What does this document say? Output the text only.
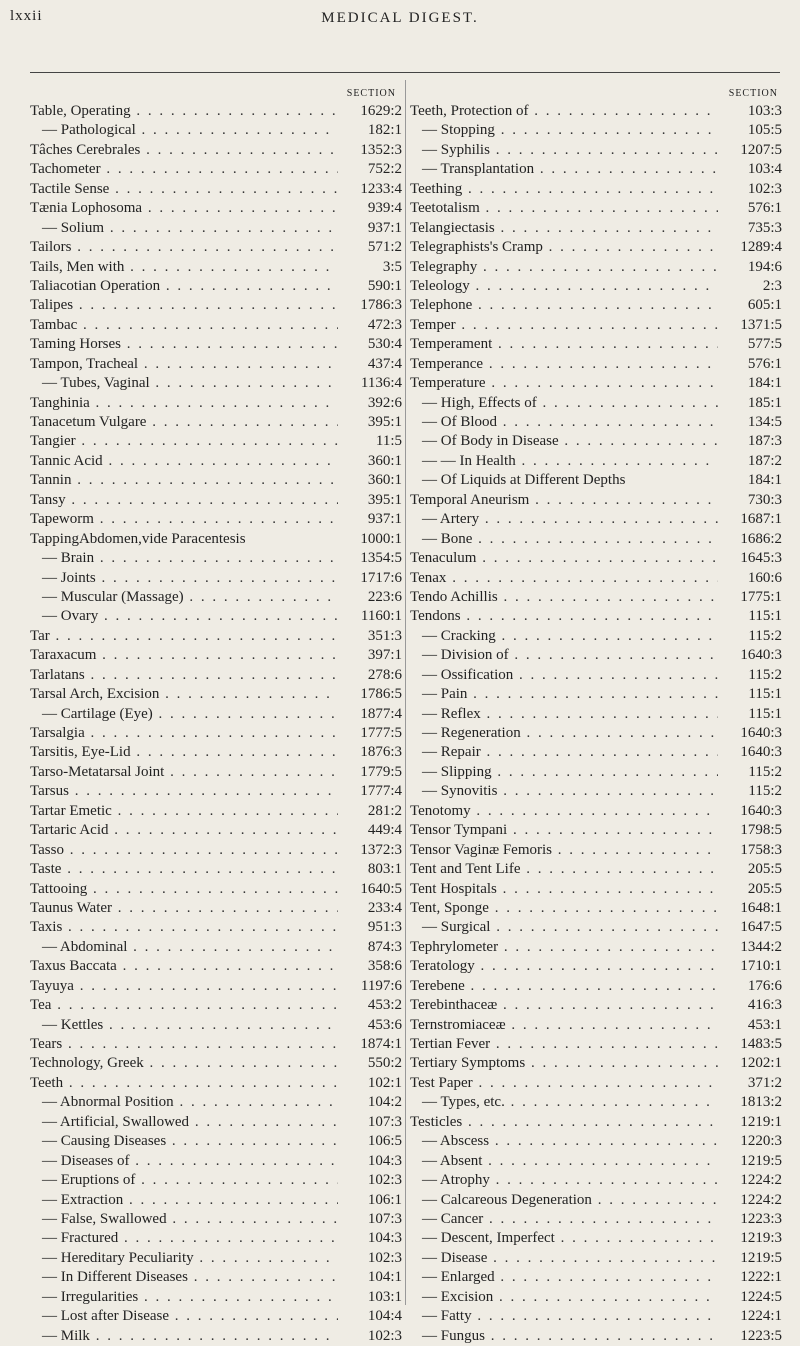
lxxii	MEDICAL DIGEST.
SECTION
Table, Operating . . .	1629:2
— Pathological . . .	182:1
Tâches Cerebrales . . .	1352:3
Tachometer . . .	752:2
Tactile Sense . . .	1233:4
Tænia Lophosoma . . .	939:4
— Solium . . .	937:1
Tailors . . .	571:2
Tails, Men with . . .	3:5
Taliacotian Operation . . .	590:1
Talipes . . .	1786:3
Tambac . . .	472:3
Taming Horses . . .	530:4
Tampon, Tracheal . . .	437:4
— Tubes, Vaginal . . .	1136:4
Tanghinia . . .	392:6
Tanacetum Vulgare . . .	395:1
Tangier . . .	11:5
Tannic Acid . . .	360:1
Tannin . . .	360:1
Tansy . . .	395:1
Tapeworm . . .	937:1
TappingAbdomen,vide Paracentesis	1000:1
— Brain . . .	1354:5
— Joints . . .	1717:6
— Muscular (Massage) . . .	223:6
— Ovary . . .	1160:1
Tar . . .	351:3
Taraxacum . . .	397:1
Tarlatans . . .	278:6
Tarsal Arch, Excision . . .	1786:5
— Cartilage (Eye) . . .	1877:4
Tarsalgia . . .	1777:5
Tarsitis, Eye-Lid . . .	1876:3
Tarso-Metatarsal Joint . . .	1779:5
Tarsus . . .	1777:4
Tartar Emetic . . .	281:2
Tartaric Acid . . .	449:4
Tasso . . .	1372:3
Taste . . .	803:1
Tattooing . . .	1640:5
Taunus Water . . .	233:4
Taxis . . .	951:3
— Abdominal . . .	874:3
Taxus Baccata . . .	358:6
Tayuya . . .	1197:6
Tea . . .	453:2
— Kettles . . .	453:6
Tears . . .	1874:1
Technology, Greek . . .	550:2
Teeth . . .	102:1
— Abnormal Position . . .	104:2
— Artificial, Swallowed . . .	107:3
— Causing Diseases . . .	106:5
— Diseases of . . .	104:3
— Eruptions of . . .	102:3
— Extraction . . .	106:1
— False, Swallowed . . .	107:3
— Fractured . . .	104:3
— Hereditary Peculiarity . . .	102:3
— In Different Diseases . . .	104:1
— Irregularities . . .	103:1
— Lost after Disease . . .	104:4
— Milk . . .	102:3
SECTION
Teeth, Protection of . . .	103:3
— Stopping . . .	105:5
— Syphilis . . .	1207:5
— Transplantation . . .	103:4
Teething . . .	102:3
Teetotalism . . .	576:1
Telangiectasis . . .	735:3
Telegraphists's Cramp . . .	1289:4
Telegraphy . . .	194:6
Teleology . . .	2:3
Telephone . . .	605:1
Temper . . .	1371:5
Temperament . . .	577:5
Temperance . . .	576:1
Temperature . . .	184:1
— High, Effects of . . .	185:1
— Of Blood . . .	134:5
— Of Body in Disease . . .	187:3
— — In Health . . .	187:2
— Of Liquids at Different Depths	184:1
Temporal Aneurism . . .	730:3
— Artery . . .	1687:1
— Bone . . .	1686:2
Tenaculum . . .	1645:3
Tenax . . .	160:6
Tendo Achillis . . .	1775:1
Tendons . . .	115:1
— Cracking . . .	115:2
— Division of . . .	1640:3
— Ossification . . .	115:2
— Pain . . .	115:1
— Reflex . . .	115:1
— Regeneration . . .	1640:3
— Repair . . .	1640:3
— Slipping . . .	115:2
— Synovitis . . .	115:2
Tenotomy . . .	1640:3
Tensor Tympani . . .	1798:5
Tensor Vaginæ Femoris . . .	1758:3
Tent and Tent Life . . .	205:5
Tent Hospitals . . .	205:5
Tent, Sponge . . .	1648:1
— Surgical . . .	1647:5
Tephrylometer . . .	1344:2
Teratology . . .	1710:1
Terebene . . .	176:6
Terebinthaceæ . . .	416:3
Ternstromiaceæ . . .	453:1
Tertian Fever . . .	1483:5
Tertiary Symptoms . . .	1202:1
Test Paper . . .	371:2
— Types, etc. . . .	1813:2
Testicles . . .	1219:1
— Abscess . . .	1220:3
— Absent . . .	1219:5
— Atrophy . . .	1224:2
— Calcareous Degeneration . . .	1224:2
— Cancer . . .	1223:3
— Descent, Imperfect . . .	1219:3
— Disease . . .	1219:5
— Enlarged . . .	1222:1
— Excision . . .	1224:5
— Fatty . . .	1224:1
— Fungus . . .	1223:5
